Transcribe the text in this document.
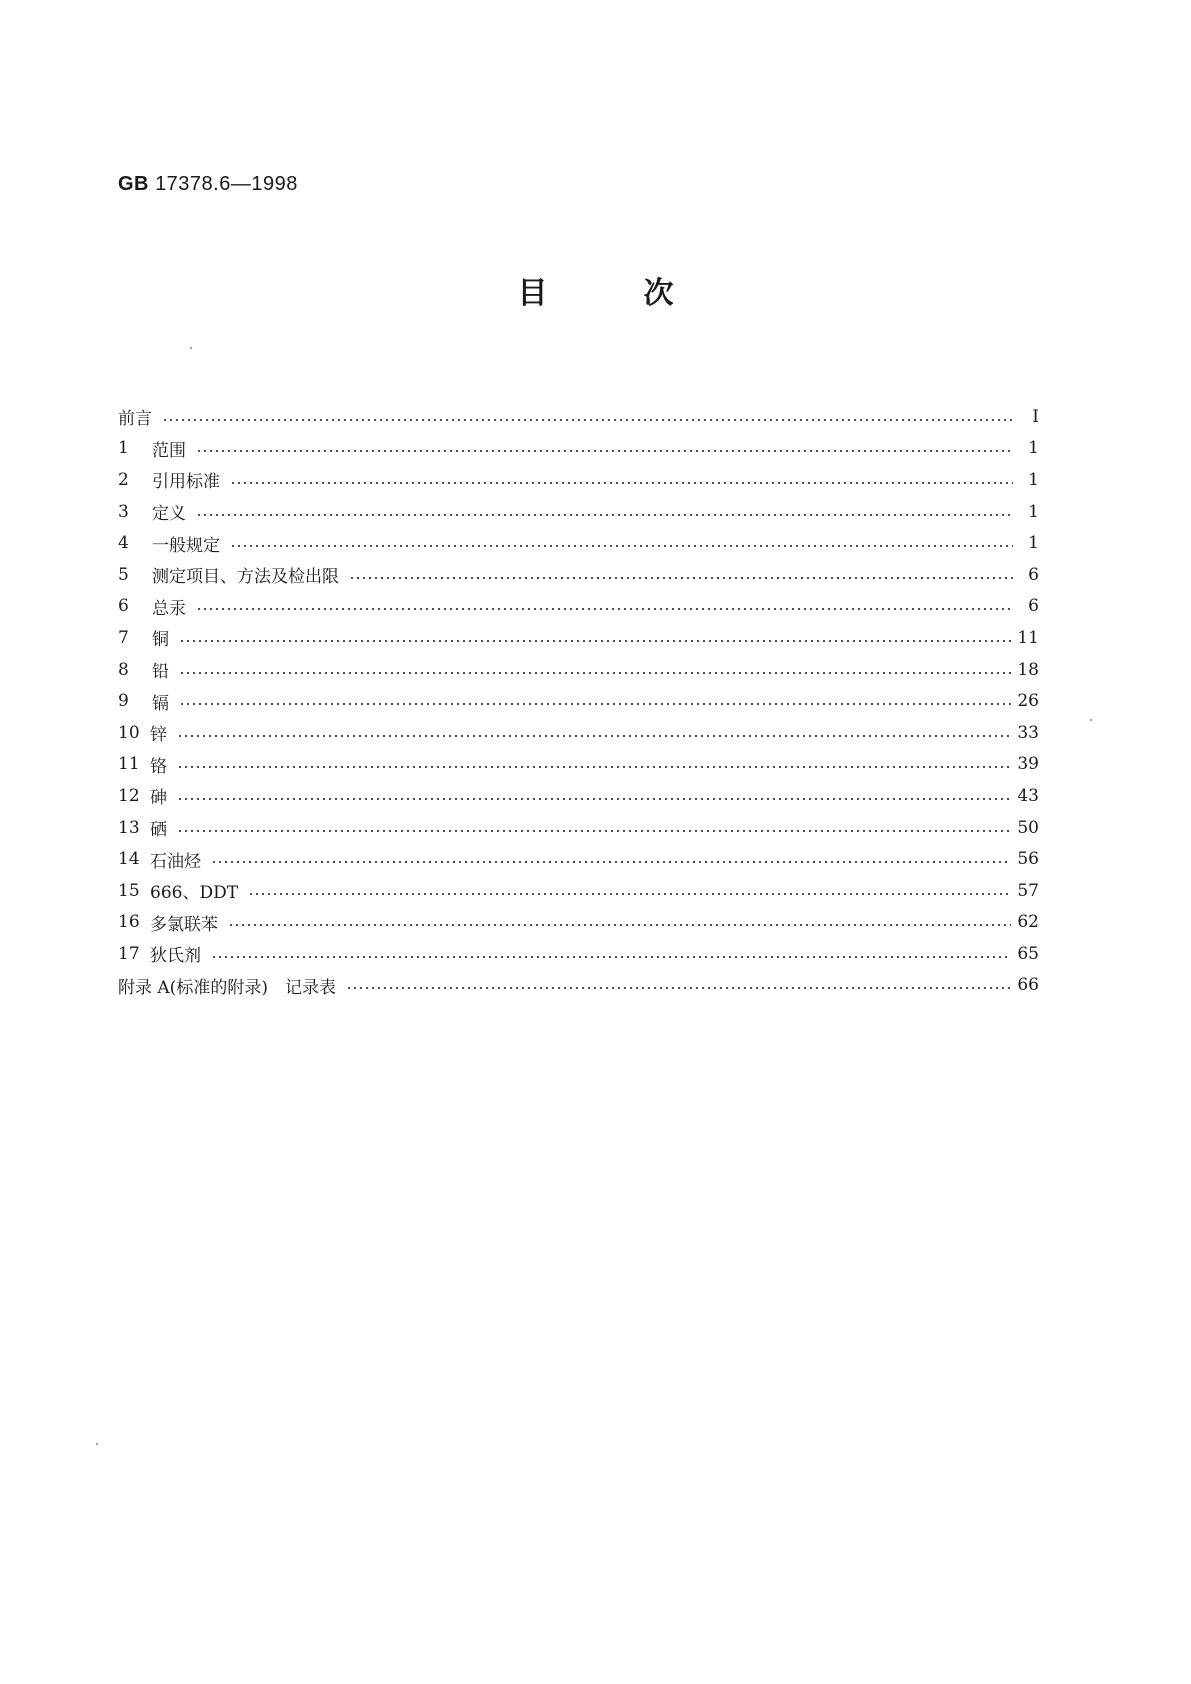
GB 17378.6—1998
目	次
前言	I
1	范围	1
2	引用标准	1
3	定义	1
4	一般规定	1
5	测定项目、方法及检出限	6
6	总汞	6
7	铜	11
8	铅	18
9	镉	26
10 锌	33
11 铬	39
12 砷	43
13 硒	50
14 石油烃	56
15 666、DDT	57
16 多氯联苯	62
17 狄氏剂	65
附录 A(标准的附录)　记录表	66
